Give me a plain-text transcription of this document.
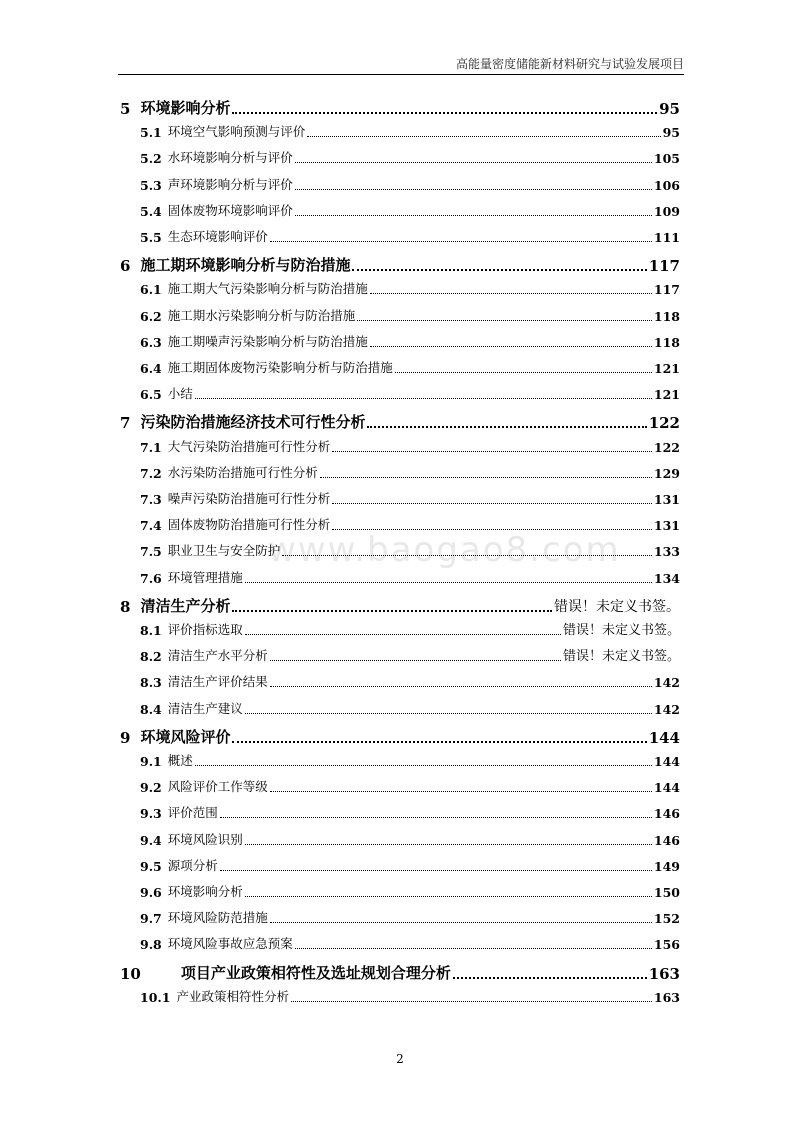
高能量密度储能新材料研究与试验发展项目
www.baogao8.com
5 环境影响分析	95
5.1 环境空气影响预测与评价	95
5.2 水环境影响分析与评价	105
5.3 声环境影响分析与评价	106
5.4 固体废物环境影响评价	109
5.5 生态环境影响评价	111
6 施工期环境影响分析与防治措施	117
6.1 施工期大气污染影响分析与防治措施	117
6.2 施工期水污染影响分析与防治措施	118
6.3 施工期噪声污染影响分析与防治措施	118
6.4 施工期固体废物污染影响分析与防治措施	121
6.5 小结	121
7 污染防治措施经济技术可行性分析	122
7.1 大气污染防治措施可行性分析	122
7.2 水污染防治措施可行性分析	129
7.3 噪声污染防治措施可行性分析	131
7.4 固体废物防治措施可行性分析	131
7.5 职业卫生与安全防护	133
7.6 环境管理措施	134
8 清洁生产分析	错误！未定义书签。
8.1 评价指标选取	错误！未定义书签。
8.2 清洁生产水平分析	错误！未定义书签。
8.3 清洁生产评价结果	142
8.4 清洁生产建议	142
9 环境风险评价	144
9.1 概述	144
9.2 风险评价工作等级	144
9.3 评价范围	146
9.4 环境风险识别	146
9.5 源项分析	149
9.6 环境影响分析	150
9.7 环境风险防范措施	152
9.8 环境风险事故应急预案	156
10	项目产业政策相符性及选址规划合理分析	163
10.1 产业政策相符性分析	163
2
